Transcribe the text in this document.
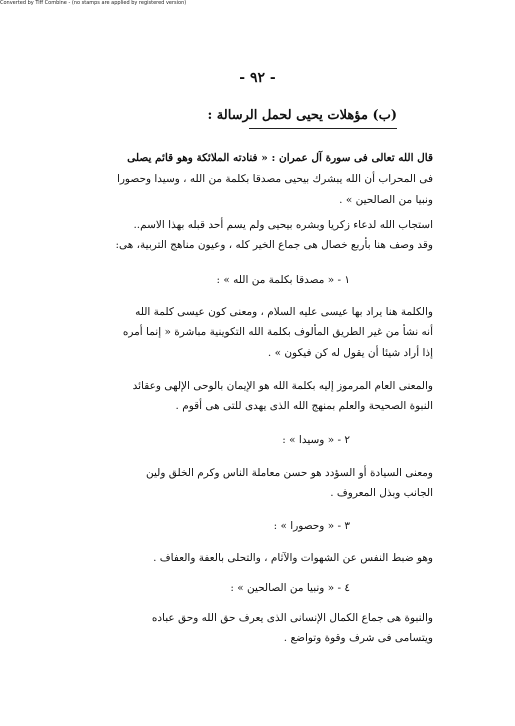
Converted by Tiff Combine - (no stamps are applied by registered version)
- ٩٢ -
(ب) مؤهلات يحيى لحمل الرسالة :
قال الله تعالى فى سورة آل عمران : « فنادته الملائكة وهو قائم يصلى
فى المحراب أن الله يبشرك بيحيى مصدقا بكلمة من الله ، وسيدا وحصورا
ونبيا من الصالحين » .
استجاب الله لدعاء زكريا وبشره بيحيى ولم يسم أحد قبله بهذا الاسم..
وقد وصف هنا بأربع خصال هى جماع الخير كله ، وعيون مناهج التربية، هى:
١ - « مصدقا بكلمة من الله » :
والكلمة هنا يراد بها عيسى عليه السلام ، ومعنى كون عيسى كلمة الله
أنه نشأ من غير الطريق المألوف بكلمة الله التكوينية مباشرة « إنما أمره
إذا أراد شيئا أن يقول له كن فيكون » .
والمعنى العام المرموز إليه بكلمة الله هو الإيمان بالوحى الإلهى وعقائد
النبوة الصحيحة والعلم بمنهج الله الذى يهدى للتى هى أقوم .
٢ - « وسيدا » :
ومعنى السيادة أو السؤدد هو حسن معاملة الناس وكرم الخلق ولين
الجانب وبذل المعروف .
٣ - « وحصورا » :
وهو ضبط النفس عن الشهوات والآثام ، والتحلى بالعفة والعفاف .
٤ - « ونبيا من الصالحين » :
والنبوة هى جماع الكمال الإنسانى الذى يعرف حق الله وحق عباده
ويتسامى فى شرف وقوة وتواضع .
